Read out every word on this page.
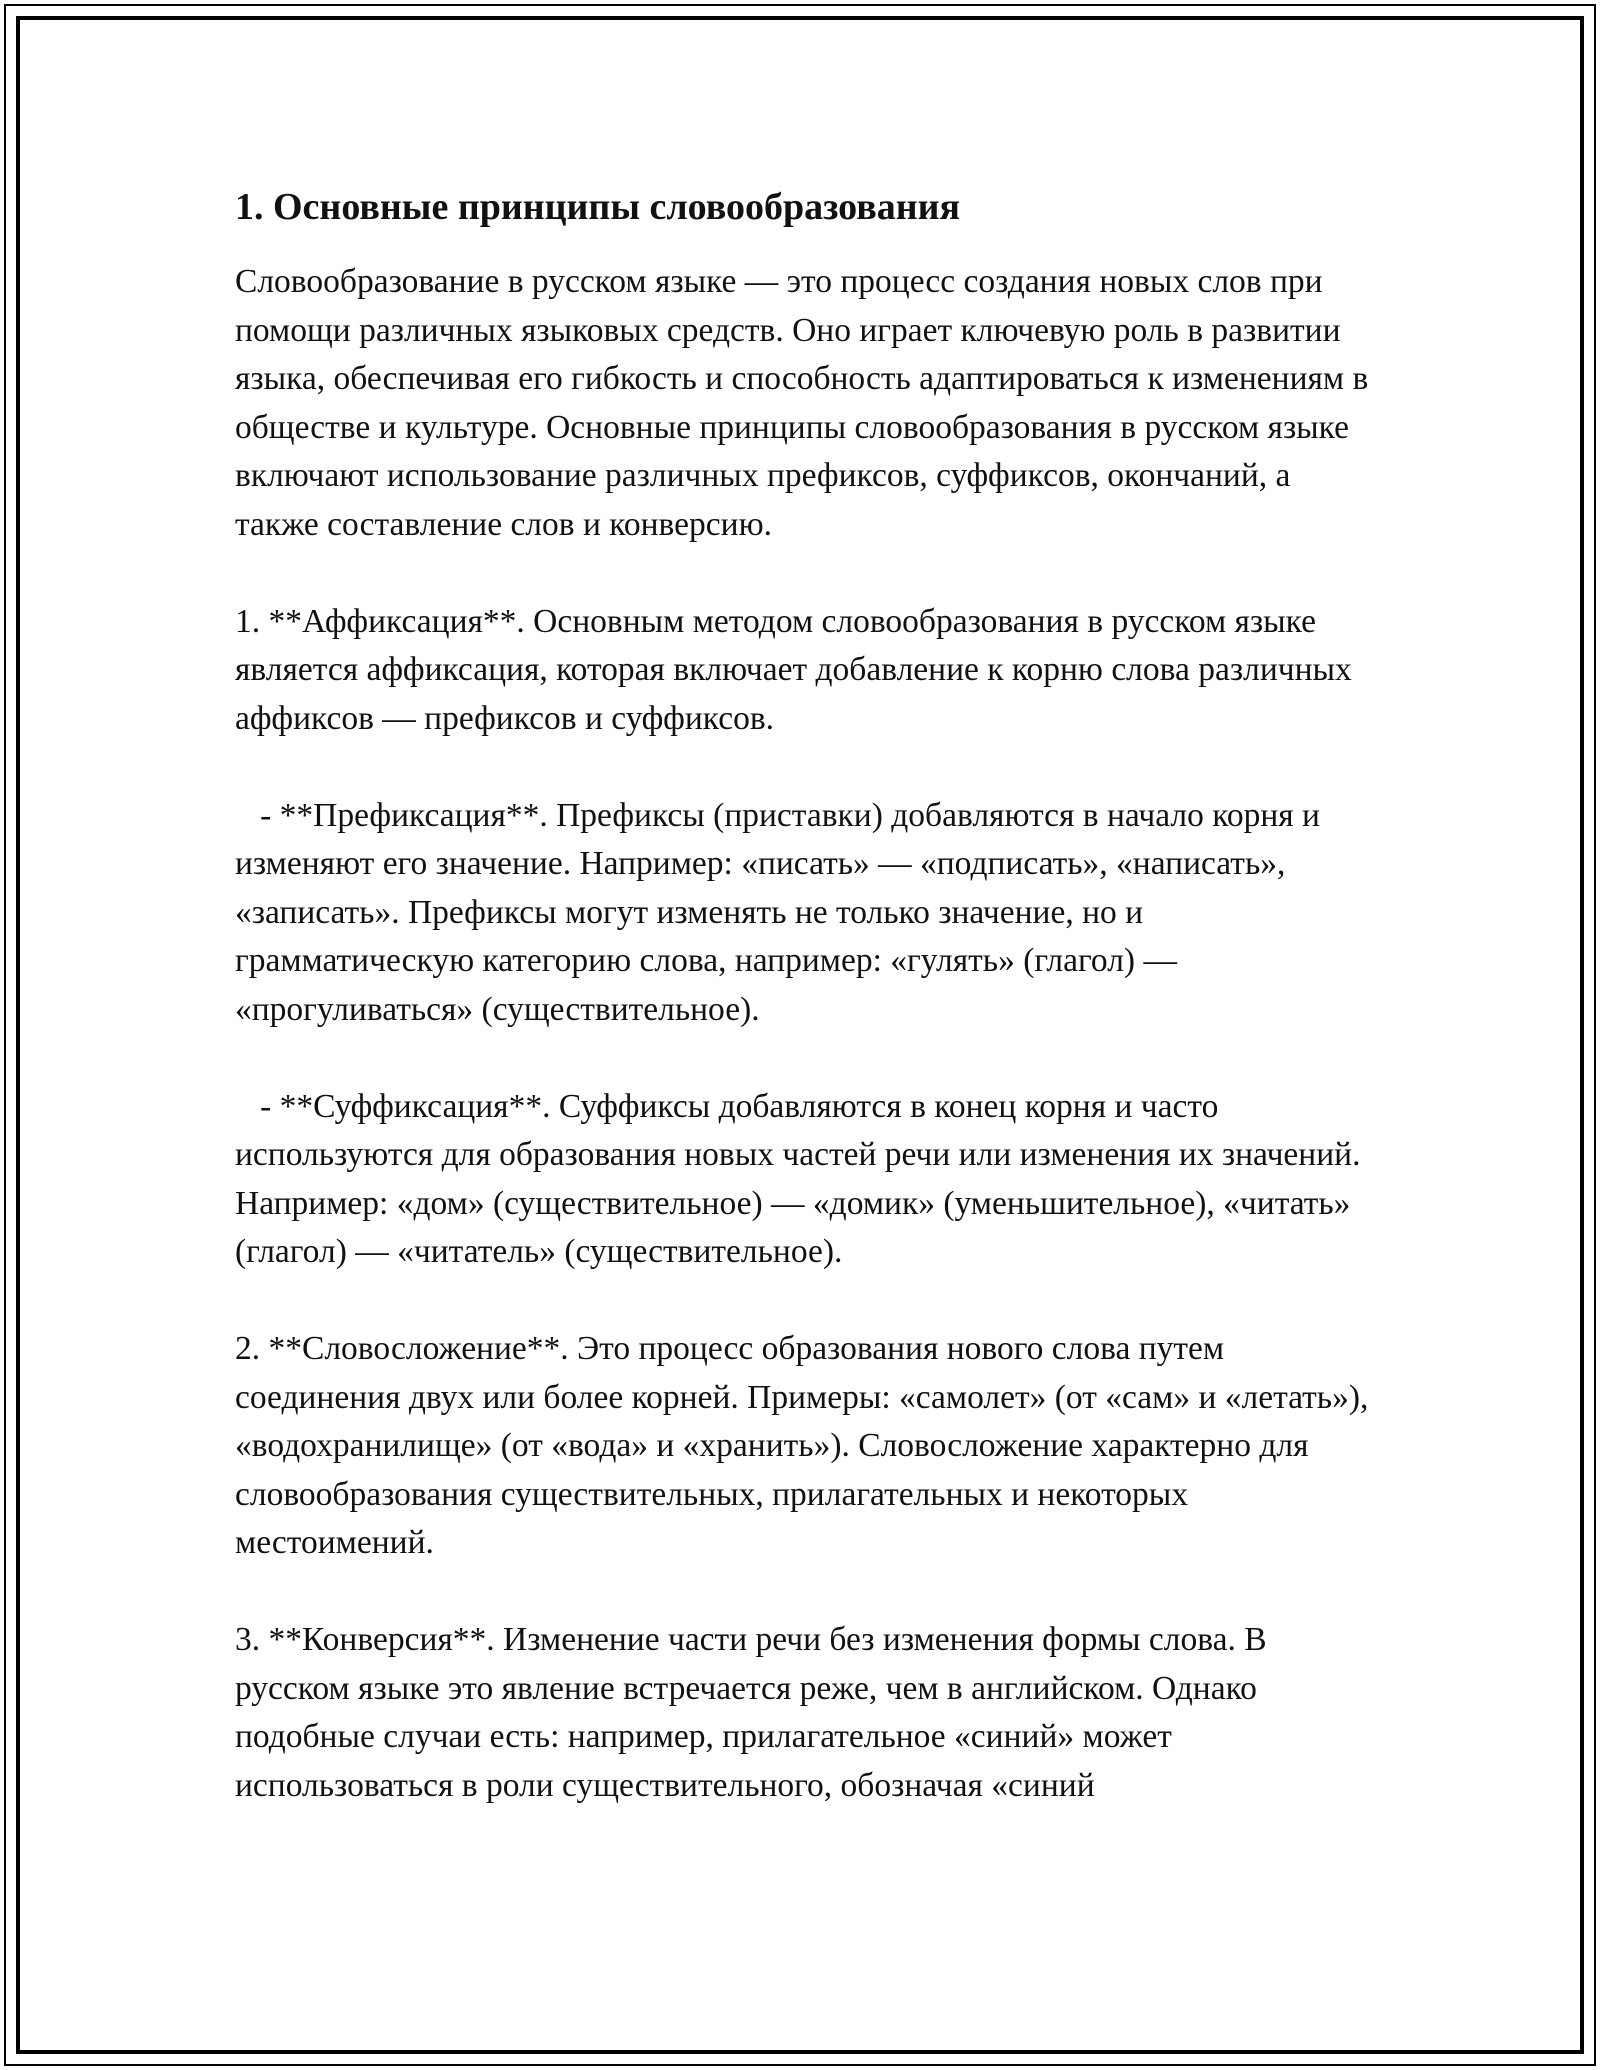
1. Основные принципы словообразования
Словообразование в русском языке — это процесс создания новых слов при помощи различных языковых средств. Оно играет ключевую роль в развитии языка, обеспечивая его гибкость и способность адаптироваться к изменениям в обществе и культуре. Основные принципы словообразования в русском языке включают использование различных префиксов, суффиксов, окончаний, а также составление слов и конверсию.
1. **Аффиксация**. Основным методом словообразования в русском языке является аффиксация, которая включает добавление к корню слова различных аффиксов — префиксов и суффиксов.
- **Префиксация**. Префиксы (приставки) добавляются в начало корня и изменяют его значение. Например: «писать» — «подписать», «написать», «записать». Префиксы могут изменять не только значение, но и грамматическую категорию слова, например: «гулять» (глагол) — «прогуливаться» (существительное).
- **Суффиксация**. Суффиксы добавляются в конец корня и часто используются для образования новых частей речи или изменения их значений. Например: «дом» (существительное) — «домик» (уменьшительное), «читать» (глагол) — «читатель» (существительное).
2. **Словосложение**. Это процесс образования нового слова путем соединения двух или более корней. Примеры: «самолет» (от «сам» и «летать»), «водохранилище» (от «вода» и «хранить»). Словосложение характерно для словообразования существительных, прилагательных и некоторых местоимений.
3. **Конверсия**. Изменение части речи без изменения формы слова. В русском языке это явление встречается реже, чем в английском. Однако подобные случаи есть: например, прилагательное «синий» может использоваться в роли существительного, обозначая «синий
